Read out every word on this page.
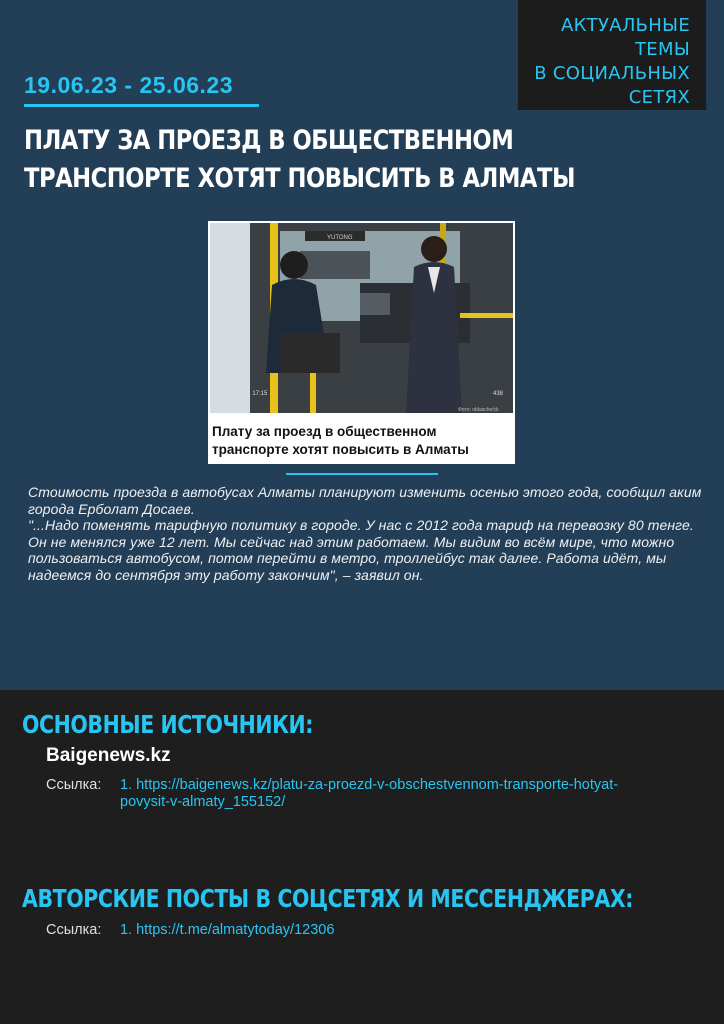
АКТУАЛЬНЫЕ ТЕМЫ
В СОЦИАЛЬНЫХ
СЕТЯХ
19.06.23 - 25.06.23
ПЛАТУ ЗА ПРОЕЗД В ОБЩЕСТВЕННОМ ТРАНСПОРТЕ ХОТЯТ ПОВЫСИТЬ В АЛМАТЫ
YUTONG
Сегодня, 17:15	438
Фото: oblasche/ck
Плату за проезд в общественном транспорте хотят повысить в Алматы

Стоимость проезда в автобусах Алматы планируют изменить осенью этого года, сообщил аким города Ерболат Досаев.

"...Надо поменять тарифную политику в городе. У нас с 2012 года тариф на перевозку 80 тенге. Он не менялся уже 12 лет. Мы сейчас над этим работаем. Мы видим во всём мире, что можно пользоваться автобусом, потом перейти в метро, троллейбус так далее. Работа идёт, мы надеемся до сентября эту работу закончим", – заявил он.

ОСНОВНЫЕ ИСТОЧНИКИ:
Baigenews.kz
Ссылка: 1. https://baigenews.kz/platu-za-proezd-v-obschestvennom-transporte-hotyat-
povysit-v-almaty_155152/
АВТОРСКИЕ ПОСТЫ В СОЦСЕТЯХ И МЕССЕНДЖЕРАХ:
Ссылка: 1. https://t.me/almatytoday/12306
